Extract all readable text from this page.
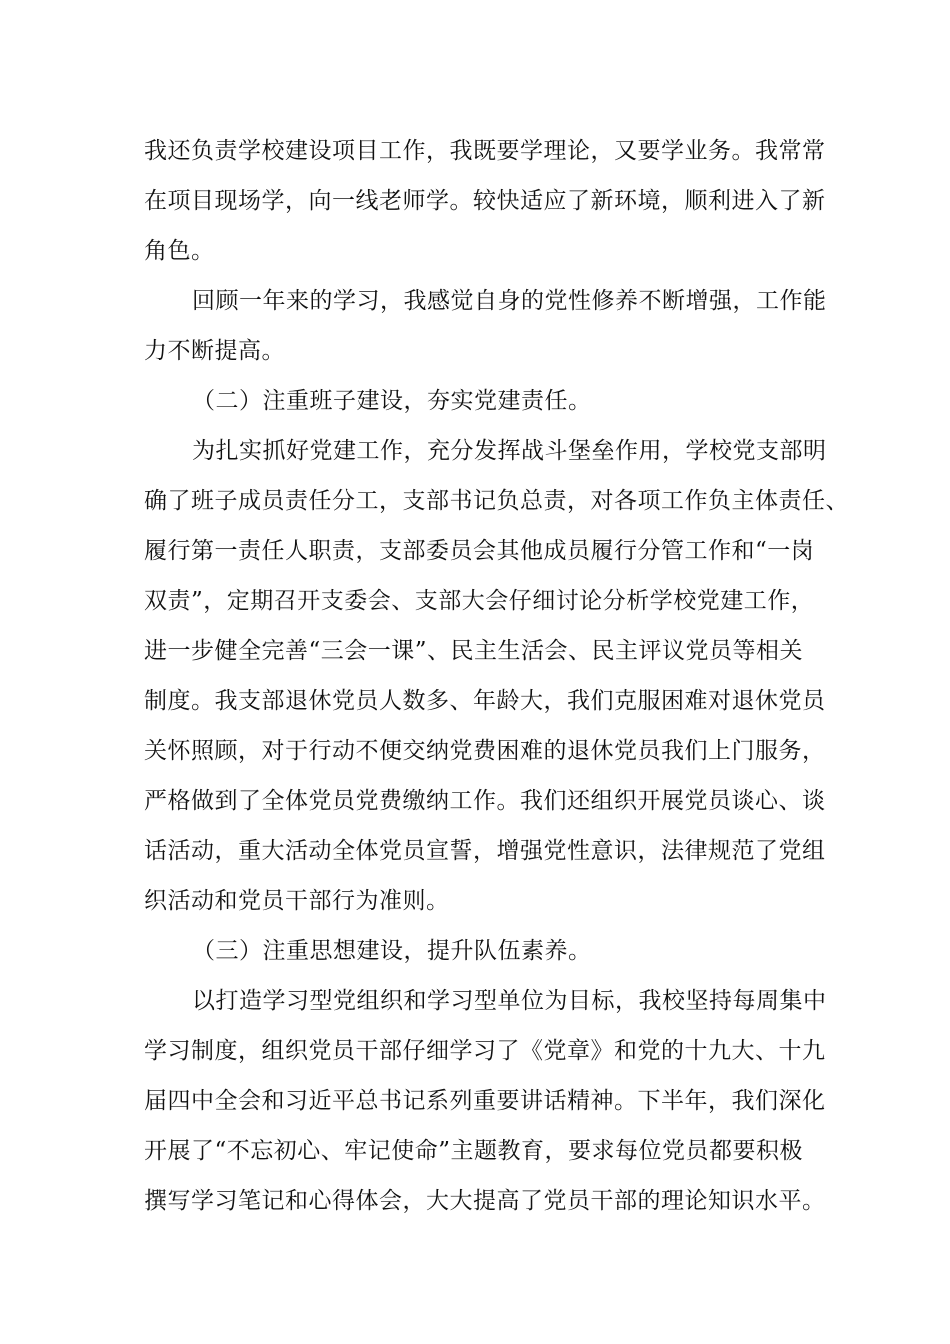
我还负责学校建设项目工作，我既要学理论，又要学业务。我常常

在项目现场学，向一线老师学。较快适应了新环境，顺利进入了新

角色。

回顾一年来的学习，我感觉自身的党性修养不断增强，工作能

力不断提高。

（二）注重班子建设，夯实党建责任。

为扎实抓好党建工作，充分发挥战斗堡垒作用，学校党支部明

确了班子成员责任分工，支部书记负总责，对各项工作负主体责任、

履行第一责任人职责，支部委员会其他成员履行分管工作和“一岗

双责”，定期召开支委会、支部大会仔细讨论分析学校党建工作，

进一步健全完善“三会一课”、民主生活会、民主评议党员等相关

制度。我支部退休党员人数多、年龄大，我们克服困难对退休党员

关怀照顾，对于行动不便交纳党费困难的退休党员我们上门服务，

严格做到了全体党员党费缴纳工作。我们还组织开展党员谈心、谈

话活动，重大活动全体党员宣誓，增强党性意识，法律规范了党组

织活动和党员干部行为准则。

（三）注重思想建设，提升队伍素养。

以打造学习型党组织和学习型单位为目标，我校坚持每周集中

学习制度，组织党员干部仔细学习了《党章》和党的十九大、十九

届四中全会和习近平总书记系列重要讲话精神。下半年，我们深化

开展了“不忘初心、牢记使命”主题教育，要求每位党员都要积极

撰写学习笔记和心得体会，大大提高了党员干部的理论知识水平。
